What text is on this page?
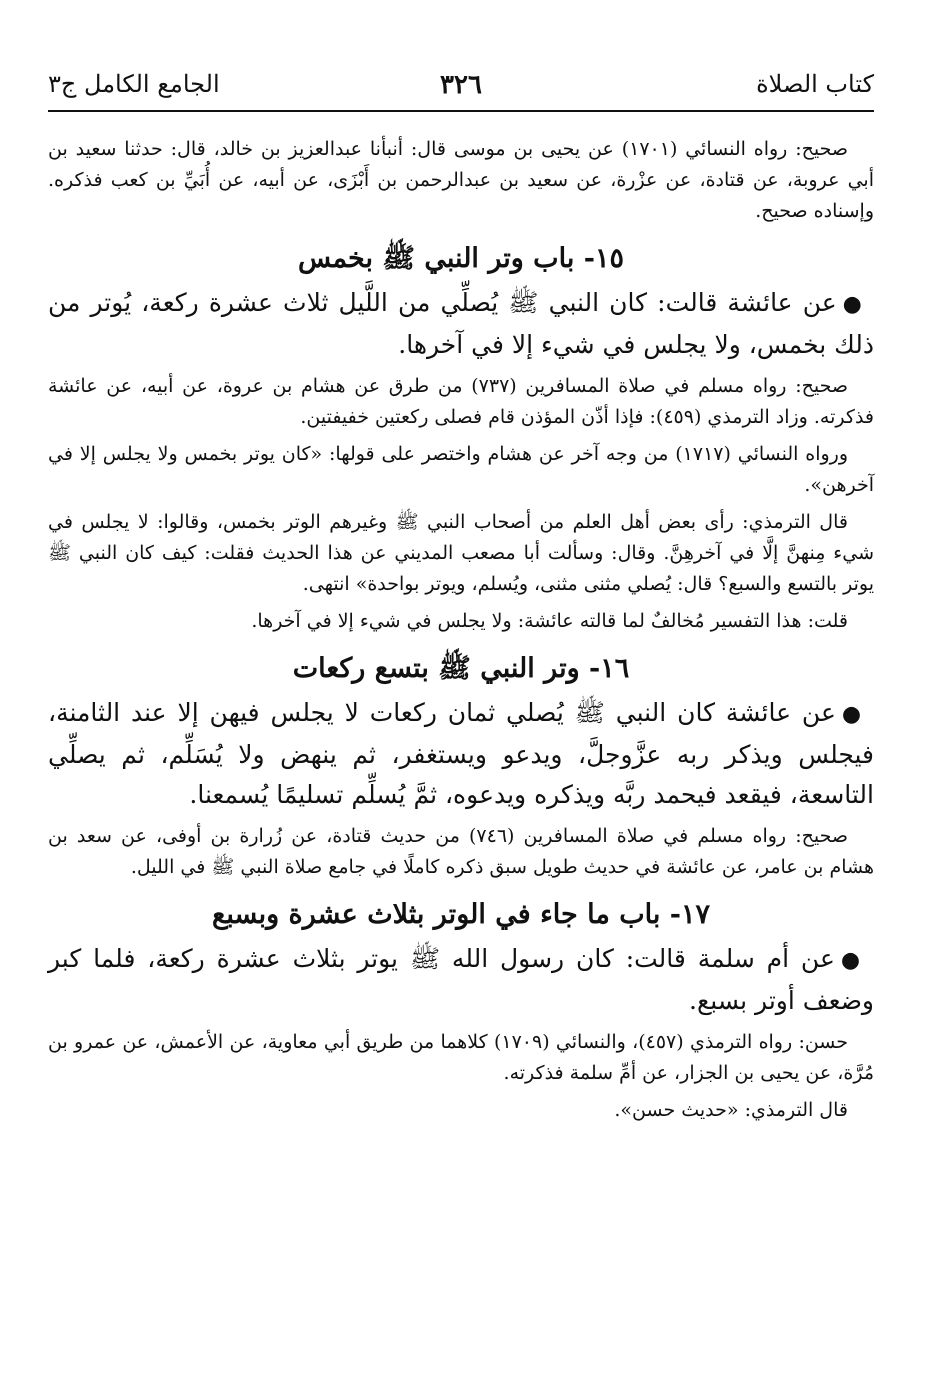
كتاب الصلاة
٣٢٦
الجامع الكامل ج٣

صحيح: رواه النسائي (١٧٠١) عن يحيى بن موسى قال: أنبأنا عبدالعزيز بن خالد، قال: حدثنا سعيد بن أبي عروبة، عن قتادة، عن عزْرة، عن سعيد بن عبدالرحمن بن أَبْزَى، عن أبيه، عن أُبَيِّ بن كعب فذكره. وإسناده صحيح.

١٥- باب وتر النبي ﷺ بخمس

●عن عائشة قالت: كان النبي ﷺ يُصلِّي من اللَّيل ثلاث عشرة ركعة، يُوتر من ذلك بخمس، ولا يجلس في شيء إلا في آخرها.

صحيح: رواه مسلم في صلاة المسافرين (٧٣٧) من طرق عن هشام بن عروة، عن أبيه، عن عائشة فذكرته. وزاد الترمذي (٤٥٩): فإذا أذّن المؤذن قام فصلى ركعتين خفيفتين.

ورواه النسائي (١٧١٧) من وجه آخر عن هشام واختصر على قولها: «كان يوتر بخمس ولا يجلس إلا في آخرهن».

قال الترمذي: رأى بعض أهل العلم من أصحاب النبي ﷺ وغيرهم الوتر بخمس، وقالوا: لا يجلس في شيء مِنهنَّ إلَّا في آخرهِنَّ. وقال: وسألت أبا مصعب المديني عن هذا الحديث فقلت: كيف كان النبي ﷺ يوتر بالتسع والسبع؟ قال: يُصلي مثنى مثنى، ويُسلم، ويوتر بواحدة» انتهى.

قلت: هذا التفسير مُخالفٌ لما قالته عائشة: ولا يجلس في شيء إلا في آخرها.

١٦- وتر النبي ﷺ بتسع ركعات

●عن عائشة كان النبي ﷺ يُصلي ثمان ركعات لا يجلس فيهن إلا عند الثامنة، فيجلس ويذكر ربه عزَّوجلَّ، ويدعو ويستغفر، ثم ينهض ولا يُسَلِّم، ثم يصلِّي التاسعة، فيقعد فيحمد ربَّه ويذكره ويدعوه، ثمَّ يُسلِّم تسليمًا يُسمعنا.

صحيح: رواه مسلم في صلاة المسافرين (٧٤٦) من حديث قتادة، عن زُرارة بن أوفى، عن سعد بن هشام بن عامر، عن عائشة في حديث طويل سبق ذكره كاملًا في جامع صلاة النبي ﷺ في الليل.

١٧- باب ما جاء في الوتر بثلاث عشرة وبسبع

●عن أم سلمة قالت: كان رسول الله ﷺ يوتر بثلاث عشرة ركعة، فلما كبر وضعف أوتر بسبع.

حسن: رواه الترمذي (٤٥٧)، والنسائي (١٧٠٩) كلاهما من طريق أبي معاوية، عن الأعمش، عن عمرو بن مُرَّة، عن يحيى بن الجزار، عن أمِّ سلمة فذكرته.

قال الترمذي: «حديث حسن».
